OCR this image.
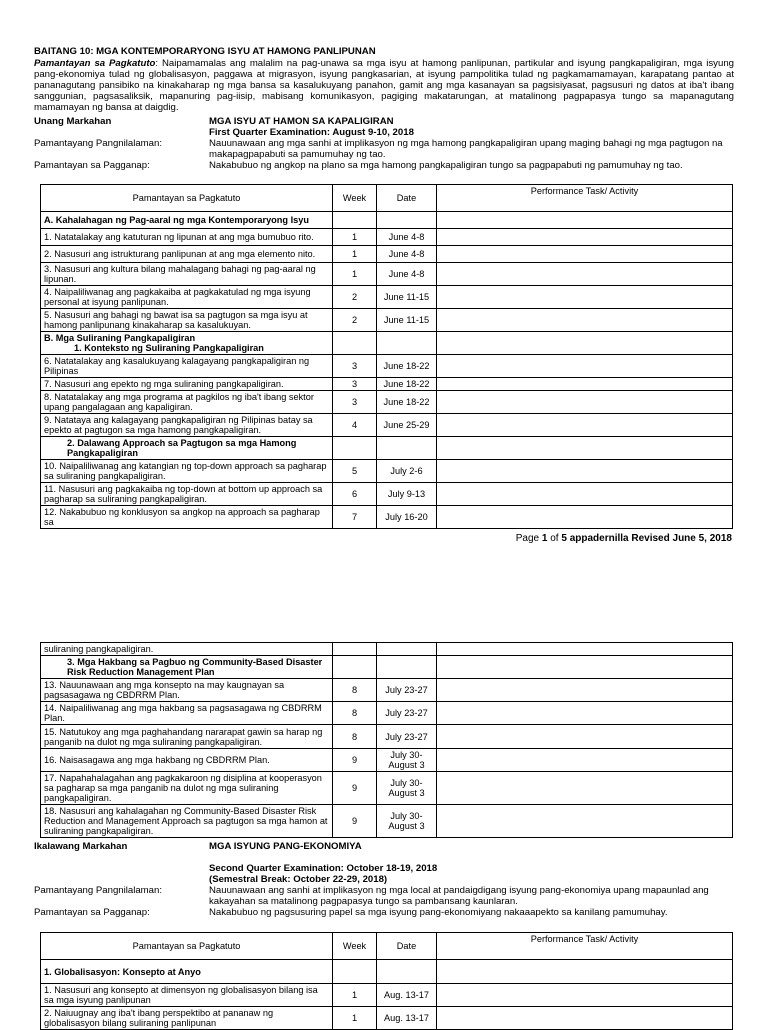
BAITANG 10: MGA KONTEMPORARYONG ISYU AT HAMONG PANLIPUNAN
Pamantayan sa Pagkatuto: Naipamamalas ang malalim na pag-unawa sa mga isyu at hamong panlipunan, partikular and isyung pangkapaligiran, mga isyung pang-ekonomiya tulad ng globalisasyon, paggawa at migrasyon, isyung pangkasarian, at isyung pampolitika tulad ng pagkamamamayan, karapatang pantao at pananagutang pansibiko na kinakaharap ng mga bansa sa kasalukuyang panahon, gamit ang mga kasanayan sa pagsisiyasat, pagsusuri ng datos at iba't ibang sanggunian, pagsasaliksik, mapanuring pag-iisip, mabisang komunikasyon, pagiging makatarungan, at matalinong pagpapasya tungo sa mapanagutang mamamayan ng bansa at daigdig.
Unang Markahan	MGA ISYU AT HAMON SA KAPALIGIRAN
First Quarter Examination: August 9-10, 2018
Pamantayang Pangnilalaman:	Nauunawaan ang mga sanhi at implikasyon ng mga hamong pangkapaligiran upang maging bahagi ng mga pagtugon na makapagpapabuti sa pamumuhay ng tao.
Pamantayan sa Pagganap:	Nakabubuo ng angkop na plano sa mga hamong pangkapaligiran tungo sa pagpapabuti ng pamumuhay ng tao.
Pamantayan sa Pagkatuto	Week	Date	Performance Task/ Activity
A. Kahalahagan ng Pag-aaral ng mga Kontemporaryong Isyu			
1. Natatalakay ang katuturan ng lipunan at ang mga bumubuo rito.	1	June 4-8	
2. Nasusuri ang istrukturang panlipunan at ang mga elemento nito.	1	June 4-8	
3. Nasusuri ang kultura bilang mahalagang bahagi ng pag-aaral ng lipunan.	1	June 4-8	
4. Naipaliliwanag ang pagkakaiba at pagkakatulad ng mga isyung personal at isyung panlipunan.	2	June 11-15	
5. Nasusuri ang bahagi ng bawat isa sa pagtugon sa mga isyu at hamong panlipunang kinakaharap sa kasalukuyan.	2	June 11-15	

B. Mga Suliraning Pangkapaligiran
1. Konteksto ng Suliraning Pangkapaligiran			

6. Natatalakay ang kasalukuyang kalagayang pangkapaligiran ng Pilipinas	3	June 18-22	
7. Nasusuri ang epekto ng mga suliraning pangkapaligiran.	3	June 18-22	
8. Natatalakay ang mga programa at pagkilos ng iba't ibang sektor upang pangalagaan ang kapaligiran.	3	June 18-22	
9. Natataya ang kalagayang pangkapaligiran ng Pilipinas batay sa epekto at pagtugon sa mga hamong pangkapaligiran.	4	June 25-29	
2. Dalawang Approach sa Pagtugon sa mga Hamong Pangkapaligiran			
10. Naipaliliwanag ang katangian ng top-down approach sa pagharap sa suliraning pangkapaligiran.	5	July 2-6	
11. Nasusuri ang pagkakaiba ng top-down at bottom up approach sa pagharap sa suliraning pangkapaligiran.	6	July 9-13	
12. Nakabubuo ng konklusyon sa angkop na approach sa pagharap sa	7	July 16-20	
Page 1 of 5 appadernilla Revised June 5, 2018
suliraning pangkapaligiran.			
3. Mga Hakbang sa Pagbuo ng Community-Based Disaster Risk Reduction Management Plan			
13. Nauunawaan ang mga konsepto na may kaugnayan sa pagsasagawa ng CBDRRM Plan.	8	July 23-27	
14. Naipaliliwanag ang mga hakbang sa pagsasagawa ng CBDRRM Plan.	8	July 23-27	
15. Natutukoy ang mga paghahandang nararapat gawin sa harap ng panganib na dulot ng mga suliraning pangkapaligiran.	8	July 23-27	
16. Naisasagawa ang mga hakbang ng CBDRRM Plan.	9	July 30- August 3	
17. Napahahalagahan ang pagkakaroon ng disiplina at kooperasyon sa pagharap sa mga panganib na dulot ng mga suliraning pangkapaligiran.	9	July 30- August 3	
18. Nasusuri ang kahalagahan ng Community-Based Disaster Risk Reduction and Management Approach sa pagtugon sa mga hamon at suliraning pangkapaligiran.	9	July 30- August 3	
Ikalawang Markahan	MGA ISYUNG PANG-EKONOMIYA
Second Quarter Examination: October 18-19, 2018
(Semestral Break: October 22-29, 2018)
Pamantayang Pangnilalaman:	Nauunawaan ang sanhi at implikasyon ng mga local at pandaigdigang isyung pang-ekonomiya upang mapaunlad ang kakayahan sa matalinong pagpapasya tungo sa pambansang kaunlaran.
Pamantayan sa Pagganap:	Nakabubuo ng pagsusuring papel sa mga isyung pang-ekonomiyang nakaaapekto sa kanilang pamumuhay.
Pamantayan sa Pagkatuto	Week	Date	Performance Task/ Activity
1. Globalisasyon: Konsepto at Anyo			
1. Nasusuri ang konsepto at dimensyon ng globalisasyon bilang isa sa mga isyung panlipunan	1	Aug. 13-17	
2. Naiuugnay ang iba't ibang perspektibo at pananaw ng globalisasyon bilang suliraning panlipunan	1	Aug. 13-17	
